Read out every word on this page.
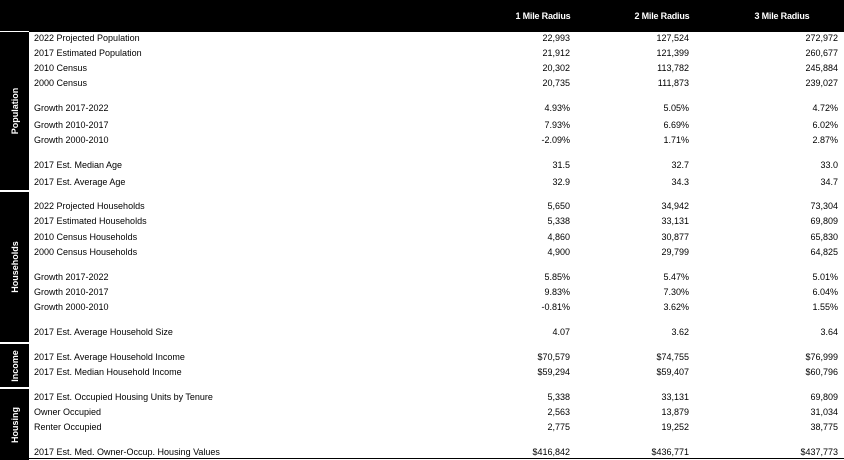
1 Mile Radius	2 Mile Radius	3 Mile Radius
Population
Households
Income
Housing
2022 Projected Population	22,993	127,524	272,972
2017 Estimated Population	21,912	121,399	260,677
2010 Census	20,302	113,782	245,884
2000 Census	20,735	111,873	239,027
Growth 2017-2022	4.93%	5.05%	4.72%
Growth 2010-2017	7.93%	6.69%	6.02%
Growth 2000-2010	-2.09%	1.71%	2.87%
2017 Est. Median Age	31.5	32.7	33.0
2017 Est. Average Age	32.9	34.3	34.7
2022 Projected Households	5,650	34,942	73,304
2017 Estimated Households	5,338	33,131	69,809
2010 Census Households	4,860	30,877	65,830
2000 Census Households	4,900	29,799	64,825
Growth 2017-2022	5.85%	5.47%	5.01%
Growth 2010-2017	9.83%	7.30%	6.04%
Growth 2000-2010	-0.81%	3.62%	1.55%
2017 Est. Average Household Size	4.07	3.62	3.64
2017 Est. Average Household Income	$70,579	$74,755	$76,999
2017 Est. Median Household Income	$59,294	$59,407	$60,796
2017 Est. Occupied Housing Units by Tenure	5,338	33,131	69,809
Owner Occupied	2,563	13,879	31,034
Renter Occupied	2,775	19,252	38,775
2017 Est. Med. Owner-Occup. Housing Values	$416,842	$436,771	$437,773
